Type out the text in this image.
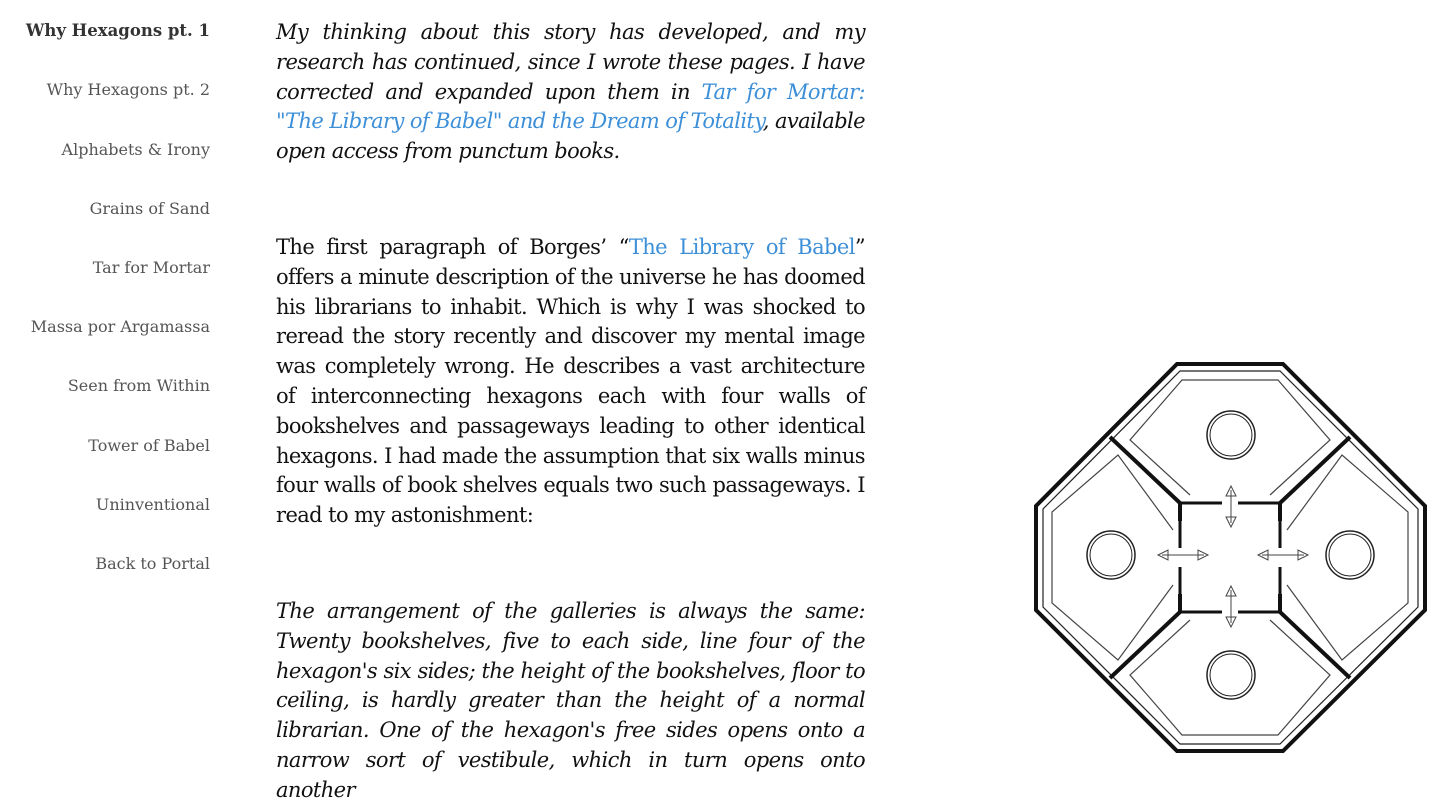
Why Hexagons pt. 1
Why Hexagons pt. 2
Alphabets & Irony
Grains of Sand
Tar for Mortar
Massa por Argamassa
Seen from Within
Tower of Babel
Uninventional
Back to Portal

My thinking about this story has developed, and my research has continued, since I wrote these pages. I have corrected and expanded upon them in Tar for Mortar: "The Library of Babel" and the Dream of Totality, available open access from punctum books.

The first paragraph of Borges’ “The Library of Babel” offers a minute description of the universe he has doomed his librarians to inhabit. Which is why I was shocked to reread the story recently and discover my mental image was completely wrong. He describes a vast architecture of interconnecting hexagons each with four walls of bookshelves and passageways leading to other identical hexagons. I had made the assumption that six walls minus four walls of book shelves equals two such passageways. I read to my astonishment:

The arrangement of the galleries is always the same: Twenty bookshelves, five to each side, line four of the hexagon's six sides; the height of the bookshelves, floor to ceiling, is hardly greater than the height of a normal librarian. One of the hexagon's free sides opens onto a narrow sort of vestibule, which in turn opens onto another
